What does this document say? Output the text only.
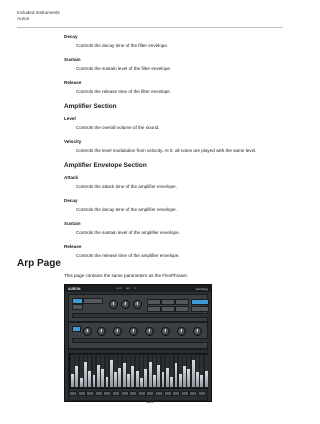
Included Instruments
Auron
Decay
Controls the decay time of the filter envelope.
Sustain
Controls the sustain level of the filter envelope.
Release
Controls the release time of the filter envelope.
Amplifier Section
Level
Controls the overall volume of the sound.
Velocity
Controls the level modulation from velocity. At 0, all notes are played with the same level.
Amplifier Envelope Section
Attack
Controls the attack time of the amplifier envelope.
Decay
Controls the decay time of the amplifier envelope.
Sustain
Controls the sustain level of the amplifier envelope.
Release
Controls the release time of the amplifier envelope.
Arp Page
This page contains the same parameters as the FlexPhraser.
AURON	synth	arp	fx	steinberg
114
